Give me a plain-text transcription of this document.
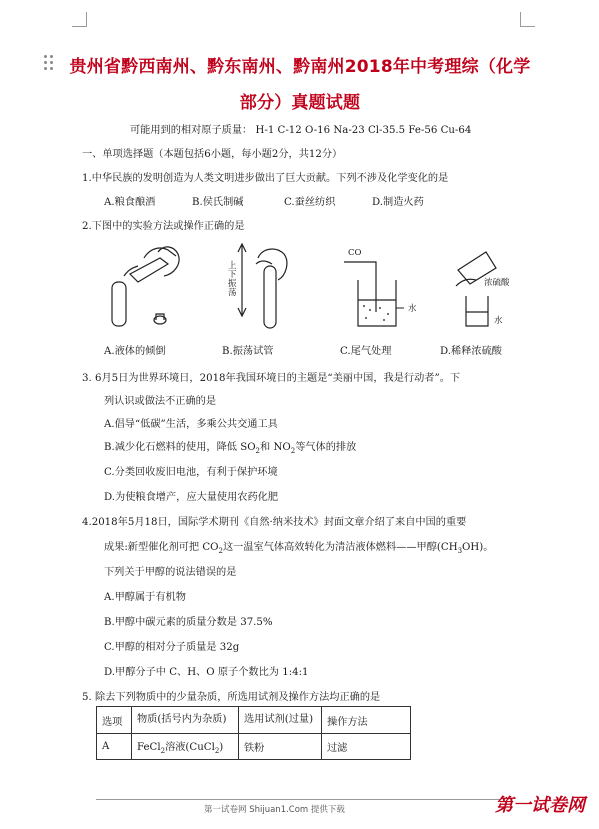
贵州省黔西南州、黔东南州、黔南州2018年中考理综（化学
部分）真题试题
可能用到的相对原子质量： H-1 C-12 O-16 Na-23 Cl-35.5 Fe-56 Cu-64
一、单项选择题（本题包括6小题，每小题2分，共12分）
1.中华民族的发明创造为人类文明进步做出了巨大贡献。下列不涉及化学变化的是
A.粮食酿酒	B.侯氏制碱	C.蚕丝纺织	D.制造火药
2.下图中的实验方法或操作正确的是
上下振荡
CO
水
浓硫酸
水
A.液体的倾倒	B.振荡试管	C.尾气处理	D.稀释浓硫酸
3. 6月5日为世界环境日，2018年我国环境日的主题是“美丽中国，我是行动者”。下
列认识或做法不正确的是
A.倡导“低碳”生活，多乘公共交通工具
B.减少化石燃料的使用，降低 $SO_2$和 $NO_2$等气体的排放
C.分类回收废旧电池，有利于保护环境
D.为使粮食增产，应大量使用农药化肥
4.2018年5月18日，国际学术期刊《自然·纳米技术》封面文章介绍了来自中国的重要
成果:新型催化剂可把 $CO_2$这一温室气体高效转化为清洁液体燃料——甲醇$(CH_3OH)$。
下列关于甲醇的说法错误的是
A.甲醇属于有机物
B.甲醇中碳元素的质量分数是 37.5%
C.甲醇的相对分子质量是 32g
D.甲醇分子中 C、H、O 原子个数比为 1:4:1
5. 除去下列物质中的少量杂质，所选用试剂及操作方法均正确的是
选项	物质(括号内为杂质)	选用试剂(过量)	操作方法
A	FeCl$_2$溶液(CuCl$_2$)	铁粉	过滤
第一试卷网 Shijuan1.Com 提供下载	第一试卷网
